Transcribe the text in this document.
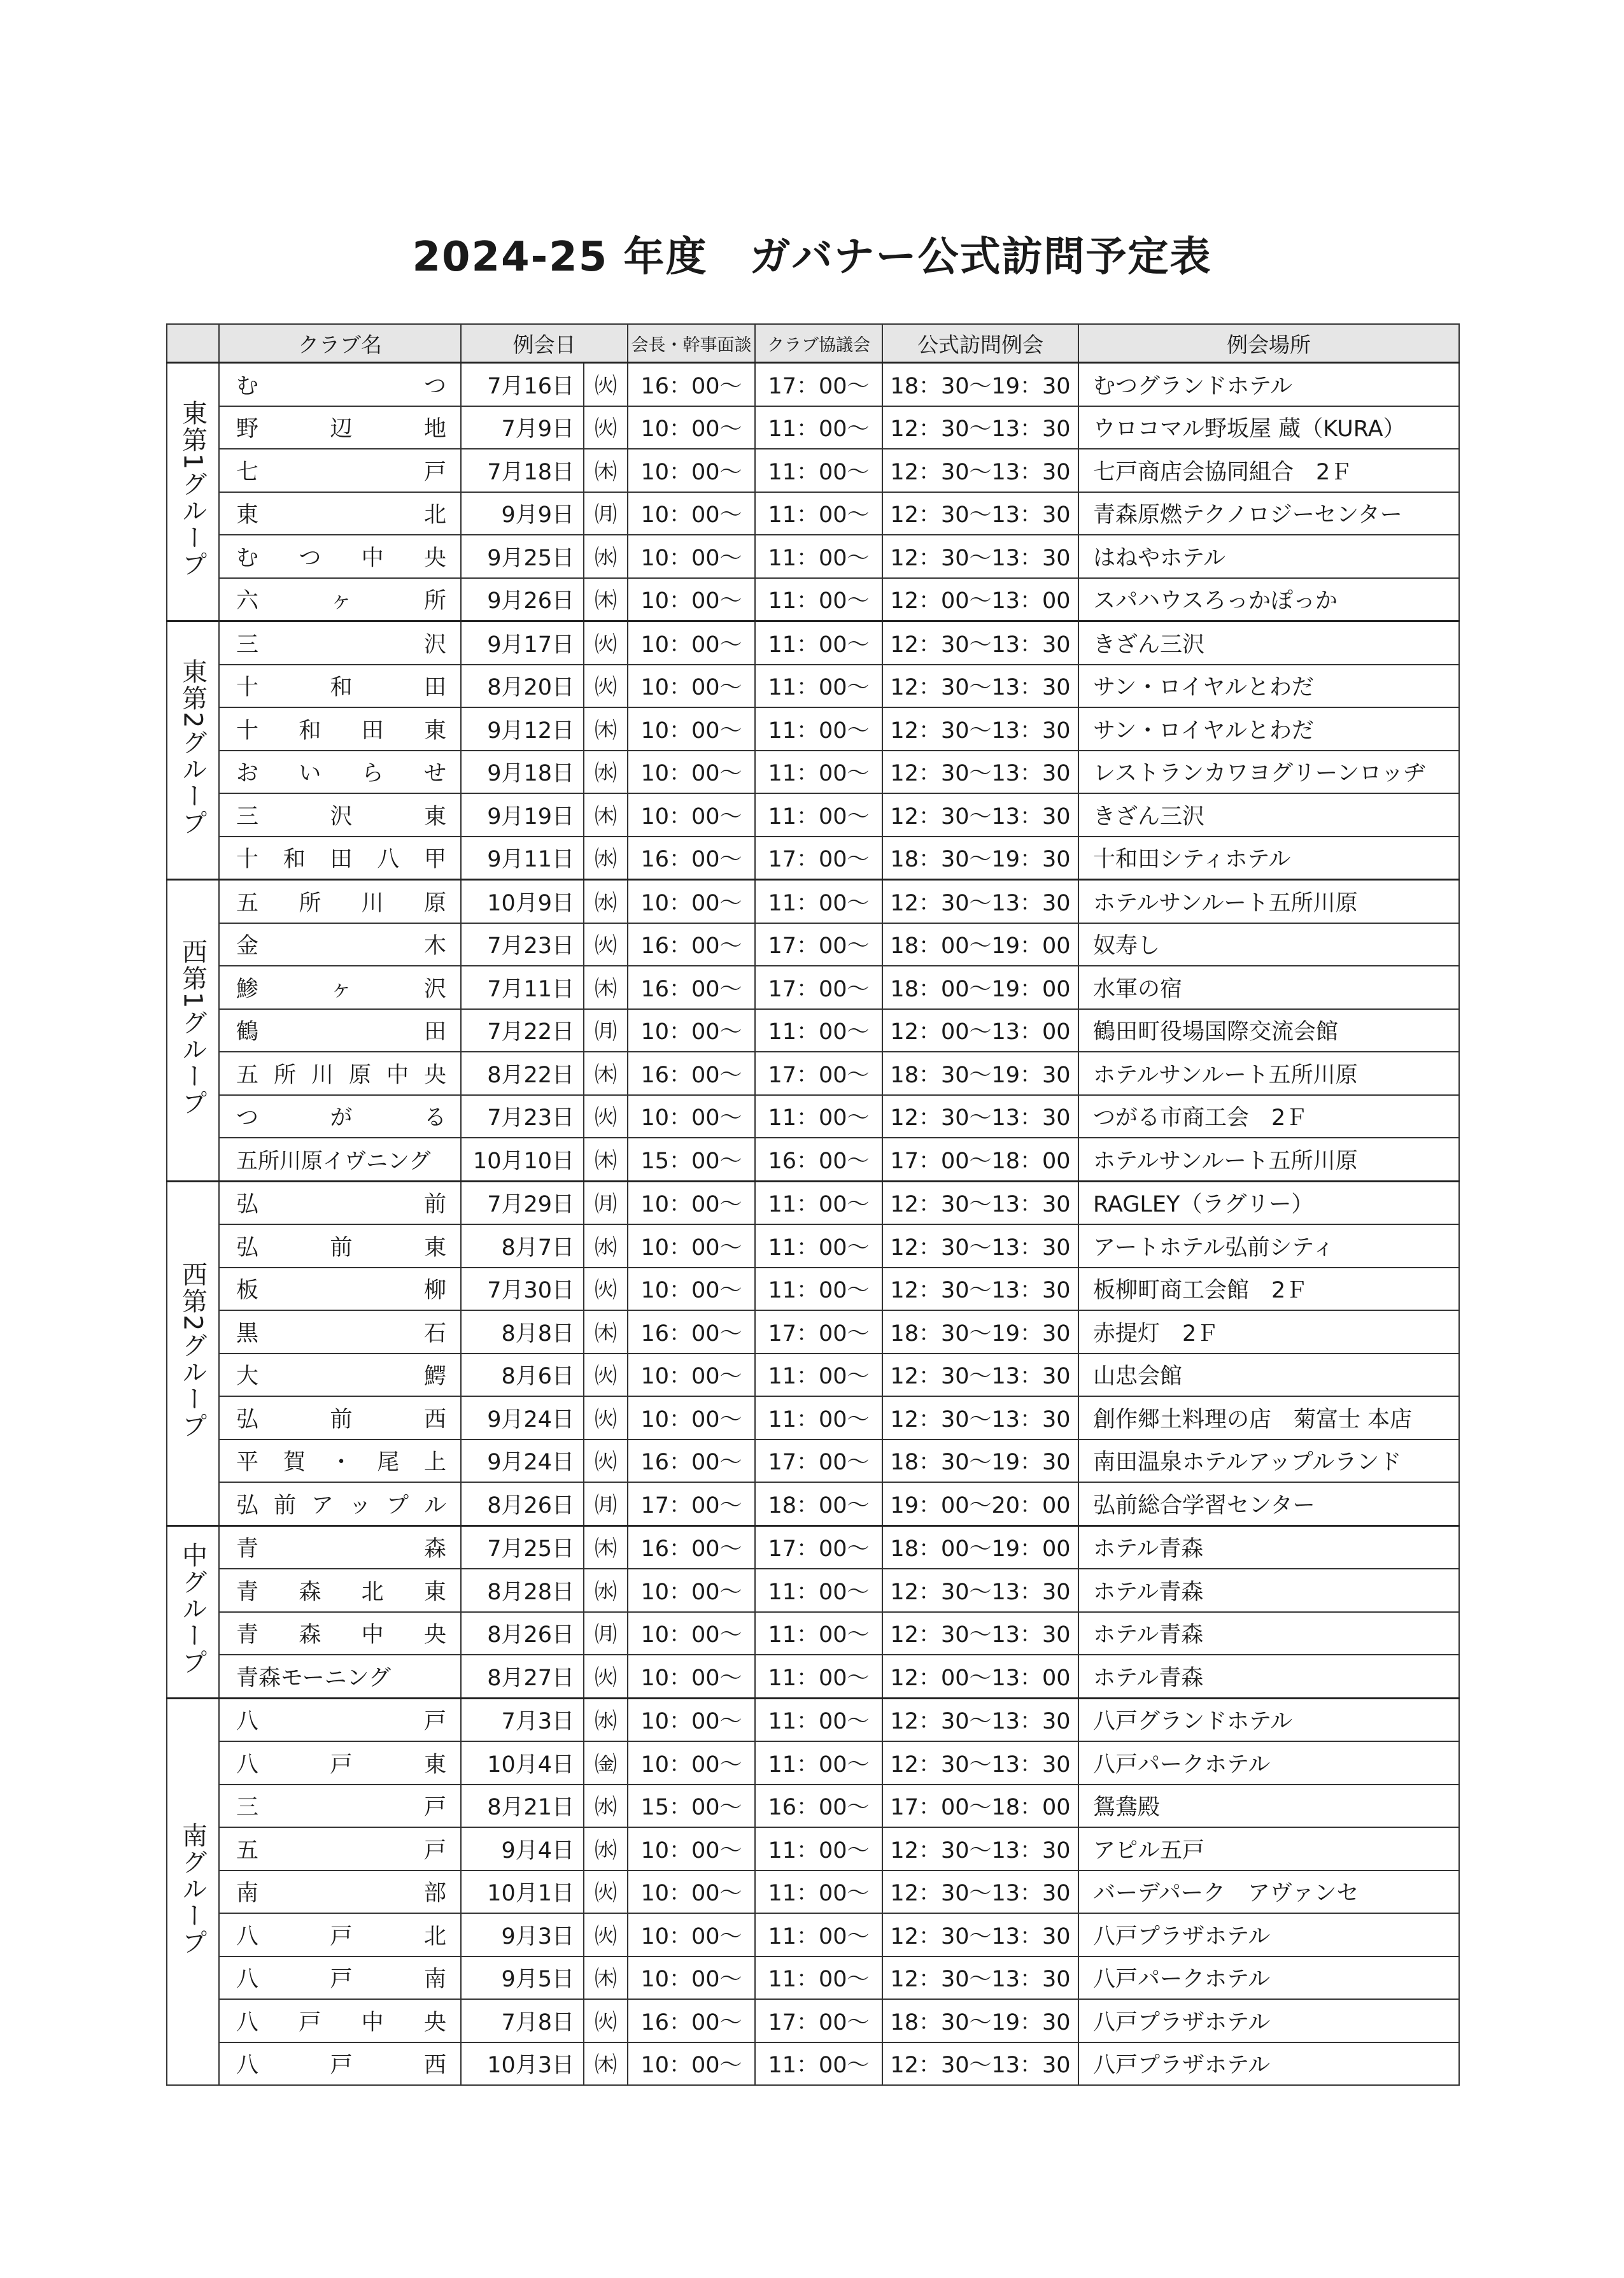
2024-25 年度　ガバナー公式訪問予定表
	クラブ名	例会日		会長・幹事面談	クラブ協議会	公式訪問例会	例会場所
東第1グループ	む つ	7月16日	㈫	16：00～	17：00～	18：30～19：30	むつグランドホテル

	野 辺 地	7月9日	㈫	10：00～	11：00～	12：30～13：30	ウロコマル野坂屋 蔵（KURA）

	七 戸	7月18日	㈭	10：00～	11：00～	12：30～13：30	七戸商店会協同組合　2Ｆ

	東 北	9月9日	㈪	10：00～	11：00～	12：30～13：30	青森原燃テクノロジーセンター

	む つ 中 央	9月25日	㈬	10：00～	11：00～	12：30～13：30	はねやホテル

	六 ヶ 所	9月26日	㈭	10：00～	11：00～	12：00～13：00	スパハウスろっかぽっか
東第2グループ	三 沢	9月17日	㈫	10：00～	11：00～	12：30～13：30	きざん三沢

	十 和 田	8月20日	㈫	10：00～	11：00～	12：30～13：30	サン・ロイヤルとわだ

	十 和 田 東	9月12日	㈭	10：00～	11：00～	12：30～13：30	サン・ロイヤルとわだ

	お い ら せ	9月18日	㈬	10：00～	11：00～	12：30～13：30	レストランカワヨグリーンロッヂ

	三 沢 東	9月19日	㈭	10：00～	11：00～	12：30～13：30	きざん三沢

	十 和 田 八 甲	9月11日	㈬	16：00～	17：00～	18：30～19：30	十和田シティホテル
西第1グループ	五 所 川 原	10月9日	㈬	10：00～	11：00～	12：30～13：30	ホテルサンルート五所川原

	金 木	7月23日	㈫	16：00～	17：00～	18：00～19：00	奴寿し

	鯵 ヶ 沢	7月11日	㈭	16：00～	17：00～	18：00～19：00	水軍の宿

	鶴 田	7月22日	㈪	10：00～	11：00～	12：00～13：00	鶴田町役場国際交流会館

	五 所 川 原 中 央	8月22日	㈭	16：00～	17：00～	18：30～19：30	ホテルサンルート五所川原

	つ が る	7月23日	㈫	10：00～	11：00～	12：30～13：30	つがる市商工会　2Ｆ

	五所川原イヴニング	10月10日	㈭	15：00～	16：00～	17：00～18：00	ホテルサンルート五所川原
西第2グループ	弘 前	7月29日	㈪	10：00～	11：00～	12：30～13：30	RAGLEY（ラグリー）

	弘 前 東	8月7日	㈬	10：00～	11：00～	12：30～13：30	アートホテル弘前シティ

	板 柳	7月30日	㈫	10：00～	11：00～	12：30～13：30	板柳町商工会館　2Ｆ

	黒 石	8月8日	㈭	16：00～	17：00～	18：30～19：30	赤提灯　2Ｆ

	大 鰐	8月6日	㈫	10：00～	11：00～	12：30～13：30	山忠会館

	弘 前 西	9月24日	㈫	10：00～	11：00～	12：30～13：30	創作郷土料理の店　菊富士 本店

	平 賀 ・ 尾 上	9月24日	㈫	16：00～	17：00～	18：30～19：30	南田温泉ホテルアップルランド

	弘 前 ア ッ プ ル	8月26日	㈪	17：00～	18：00～	19：00～20：00	弘前総合学習センター
中グループ	青 森	7月25日	㈭	16：00～	17：00～	18：00～19：00	ホテル青森

	青 森 北 東	8月28日	㈬	10：00～	11：00～	12：30～13：30	ホテル青森

	青 森 中 央	8月26日	㈪	10：00～	11：00～	12：30～13：30	ホテル青森

	青森モーニング	8月27日	㈫	10：00～	11：00～	12：00～13：00	ホテル青森
南グループ	八 戸	7月3日	㈬	10：00～	11：00～	12：30～13：30	八戸グランドホテル

	八 戸 東	10月4日	㈮	10：00～	11：00～	12：30～13：30	八戸パークホテル

	三 戸	8月21日	㈬	15：00～	16：00～	17：00～18：00	鴛鴦殿

	五 戸	9月4日	㈬	10：00～	11：00～	12：30～13：30	アピル五戸

	南 部	10月1日	㈫	10：00～	11：00～	12：30～13：30	バーデパーク　アヴァンセ

	八 戸 北	9月3日	㈫	10：00～	11：00～	12：30～13：30	八戸プラザホテル

	八 戸 南	9月5日	㈭	10：00～	11：00～	12：30～13：30	八戸パークホテル

	八 戸 中 央	7月8日	㈫	16：00～	17：00～	18：30～19：30	八戸プラザホテル

	八 戸 西	10月3日	㈭	10：00～	11：00～	12：30～13：30	八戸プラザホテル
